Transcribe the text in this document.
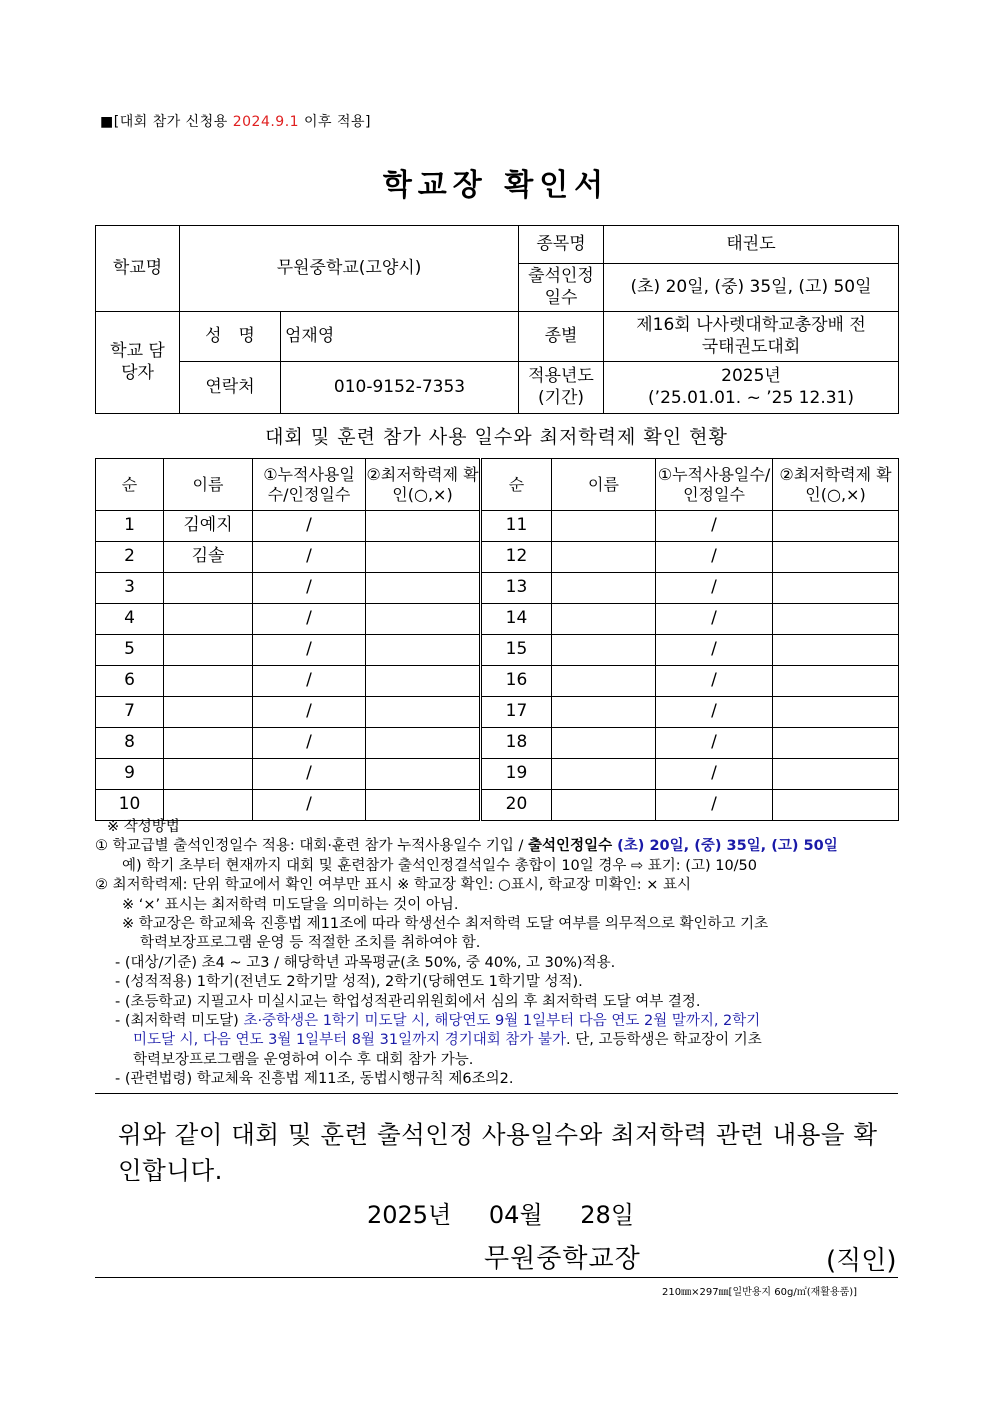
■[대회 참가 신청용 2024.9.1 이후 적용]
학교장 확인서
학교명	무원중학교(고양시)		종목명	태권도
			출석인정 일수	(초) 20일, (중) 35일, (고) 50일
학교 담당자	성　명	엄재영	종별	제16회 나사렛대학교총장배 전국태권도대회
	연락처	010-9152-7353	적용년도 (기간)	2025년
(’25.01.01. ~ ’25 12.31)
대회 및 훈련 참가 사용 일수와 최저학력제 확인 현황
순	이름	①누적사용일수/인정일수	②최저학력제 확인(○,×)	순	이름	①누적사용일수/인정일수	②최저학력제 확인(○,×)
1	김예지	/		11		/	
2	김솔	/		12		/	
3		/		13		/	
4		/		14		/	
5		/		15		/	
6		/		16		/	
7		/		17		/	
8		/		18		/	
9		/		19		/	
10		/		20		/	
※ 작성방법
① 학교급별 출석인정일수 적용: 대회·훈련 참가 누적사용일수 기입 / 출석인정일수 (초) 20일, (중) 35일, (고) 50일
예) 학기 초부터 현재까지 대회 및 훈련참가 출석인정결석일수 총합이 10일 경우 ⇨ 표기: (고) 10/50
② 최저학력제: 단위 학교에서 확인 여부만 표시 ※ 학교장 확인: ○표시, 학교장 미확인: × 표시
※ ‘×’ 표시는 최저학력 미도달을 의미하는 것이 아님.
※ 학교장은 학교체육 진흥법 제11조에 따라 학생선수 최저학력 도달 여부를 의무적으로 확인하고 기초
학력보장프로그램 운영 등 적절한 조치를 취하여야 함.
- (대상/기준) 초4 ~ 고3 / 해당학년 과목평균(초 50%, 중 40%, 고 30%)적용.
- (성적적용) 1학기(전년도 2학기말 성적), 2학기(당해연도 1학기말 성적).
- (초등학교) 지필고사 미실시교는 학업성적관리위원회에서 심의 후 최저학력 도달 여부 결정.
- (최저학력 미도달) 초·중학생은 1학기 미도달 시, 해당연도 9월 1일부터 다음 연도 2월 말까지, 2학기
미도달 시, 다음 연도 3월 1일부터 8월 31일까지 경기대회 참가 불가. 단, 고등학생은 학교장이 기초
학력보장프로그램을 운영하여 이수 후 대회 참가 가능.
- (관련법령) 학교체육 진흥법 제11조, 동법시행규칙 제6조의2.
위와 같이 대회 및 훈련 출석인정 사용일수와 최저학력 관련 내용을 확인합니다.
2025년 04월 28일
무원중학교장	(직인)
210㎜×297㎜[일반용지 60g/㎡(재활용품)]
